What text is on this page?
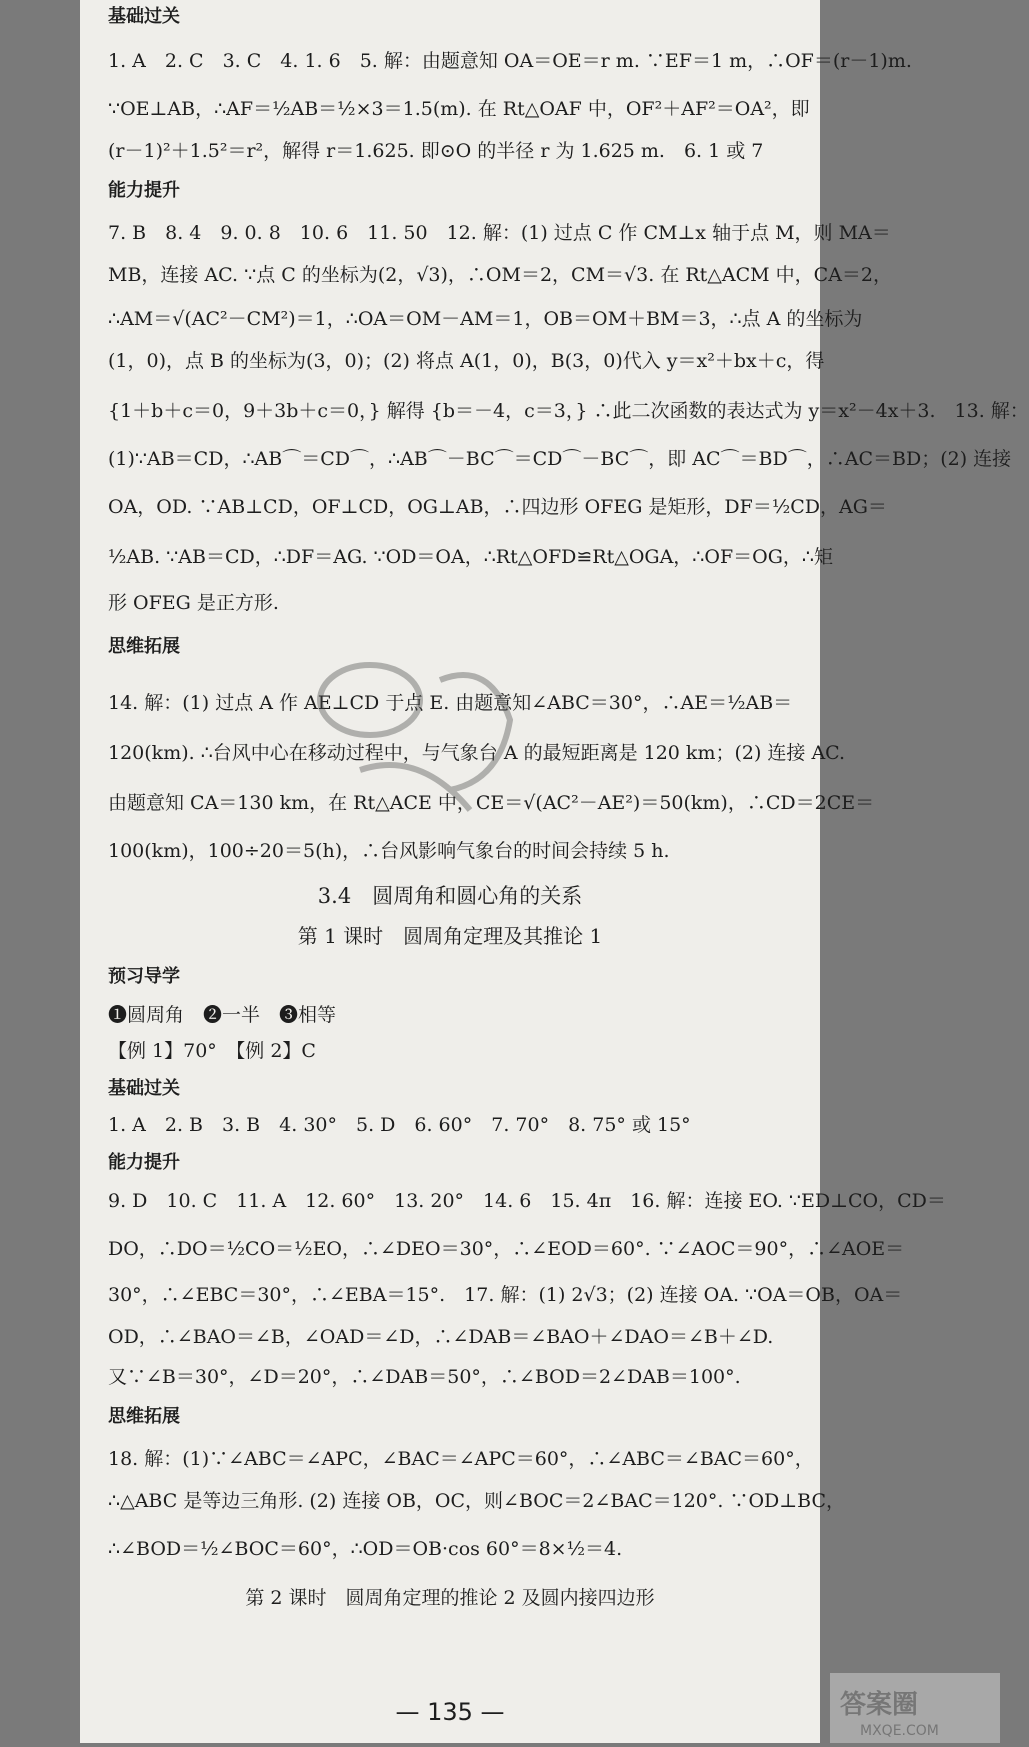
基础过关
1. A　2. C　3. C　4. 1. 6　5. 解：由题意知 OA＝OE＝r m. ∵EF＝1 m，∴OF＝(r－1)m.
∵OE⊥AB，∴AF＝½AB＝½×3＝1.5(m). 在 Rt△OAF 中，OF²＋AF²＝OA²，即
(r－1)²＋1.5²＝r²，解得 r＝1.625. 即⊙O 的半径 r 为 1.625 m.　6. 1 或 7
能力提升
7. B　8. 4　9. 0. 8　10. 6　11. 50　12. 解：(1) 过点 C 作 CM⊥x 轴于点 M，则 MA＝
MB，连接 AC. ∵点 C 的坐标为(2，√3)，∴OM＝2，CM＝√3. 在 Rt△ACM 中，CA＝2，
∴AM＝√(AC²－CM²)＝1，∴OA＝OM－AM＝1，OB＝OM＋BM＝3，∴点 A 的坐标为
(1，0)，点 B 的坐标为(3，0)；(2) 将点 A(1，0)，B(3，0)代入 y＝x²＋bx＋c，得
{1＋b＋c＝0，9＋3b＋c＝0，} 解得 {b＝－4，c＝3，} ∴此二次函数的表达式为 y＝x²－4x＋3.　13. 解：
(1)∵AB＝CD，∴AB⌒＝CD⌒，∴AB⌒－BC⌒＝CD⌒－BC⌒，即 AC⌒＝BD⌒，∴AC＝BD；(2) 连接
OA，OD. ∵AB⊥CD，OF⊥CD，OG⊥AB，∴四边形 OFEG 是矩形，DF＝½CD，AG＝
½AB. ∵AB＝CD，∴DF＝AG. ∵OD＝OA，∴Rt△OFD≌Rt△OGA，∴OF＝OG，∴矩
形 OFEG 是正方形.
思维拓展
14. 解：(1) 过点 A 作 AE⊥CD 于点 E. 由题意知∠ABC＝30°，∴AE＝½AB＝
120(km). ∴台风中心在移动过程中，与气象台 A 的最短距离是 120 km；(2) 连接 AC.
由题意知 CA＝130 km，在 Rt△ACE 中，CE＝√(AC²－AE²)＝50(km)，∴CD＝2CE＝
100(km)，100÷20＝5(h)，∴台风影响气象台的时间会持续 5 h.
3.4　圆周角和圆心角的关系
第 1 课时　圆周角定理及其推论 1
预习导学
❶圆周角　❷一半　❸相等
【例 1】70°　【例 2】C
基础过关
1. A　2. B　3. B　4. 30°　5. D　6. 60°　7. 70°　8. 75° 或 15°
能力提升
9. D　10. C　11. A　12. 60°　13. 20°　14. 6　15. 4π　16. 解：连接 EO. ∵ED⊥CO，CD＝
DO，∴DO＝½CO＝½EO，∴∠DEO＝30°，∴∠EOD＝60°. ∵∠AOC＝90°，∴∠AOE＝
30°，∴∠EBC＝30°，∴∠EBA＝15°.　17. 解：(1) 2√3；(2) 连接 OA. ∵OA＝OB，OA＝
OD，∴∠BAO＝∠B，∠OAD＝∠D，∴∠DAB＝∠BAO＋∠DAO＝∠B＋∠D.
又∵∠B＝30°，∠D＝20°，∴∠DAB＝50°，∴∠BOD＝2∠DAB＝100°.
思维拓展
18. 解：(1)∵∠ABC＝∠APC，∠BAC＝∠APC＝60°，∴∠ABC＝∠BAC＝60°，
∴△ABC 是等边三角形. (2) 连接 OB，OC，则∠BOC＝2∠BAC＝120°. ∵OD⊥BC，
∴∠BOD＝½∠BOC＝60°，∴OD＝OB·cos 60°＝8×½＝4.
第 2 课时　圆周角定理的推论 2 及圆内接四边形
— 135 —	答案圈
MXQE.COM
